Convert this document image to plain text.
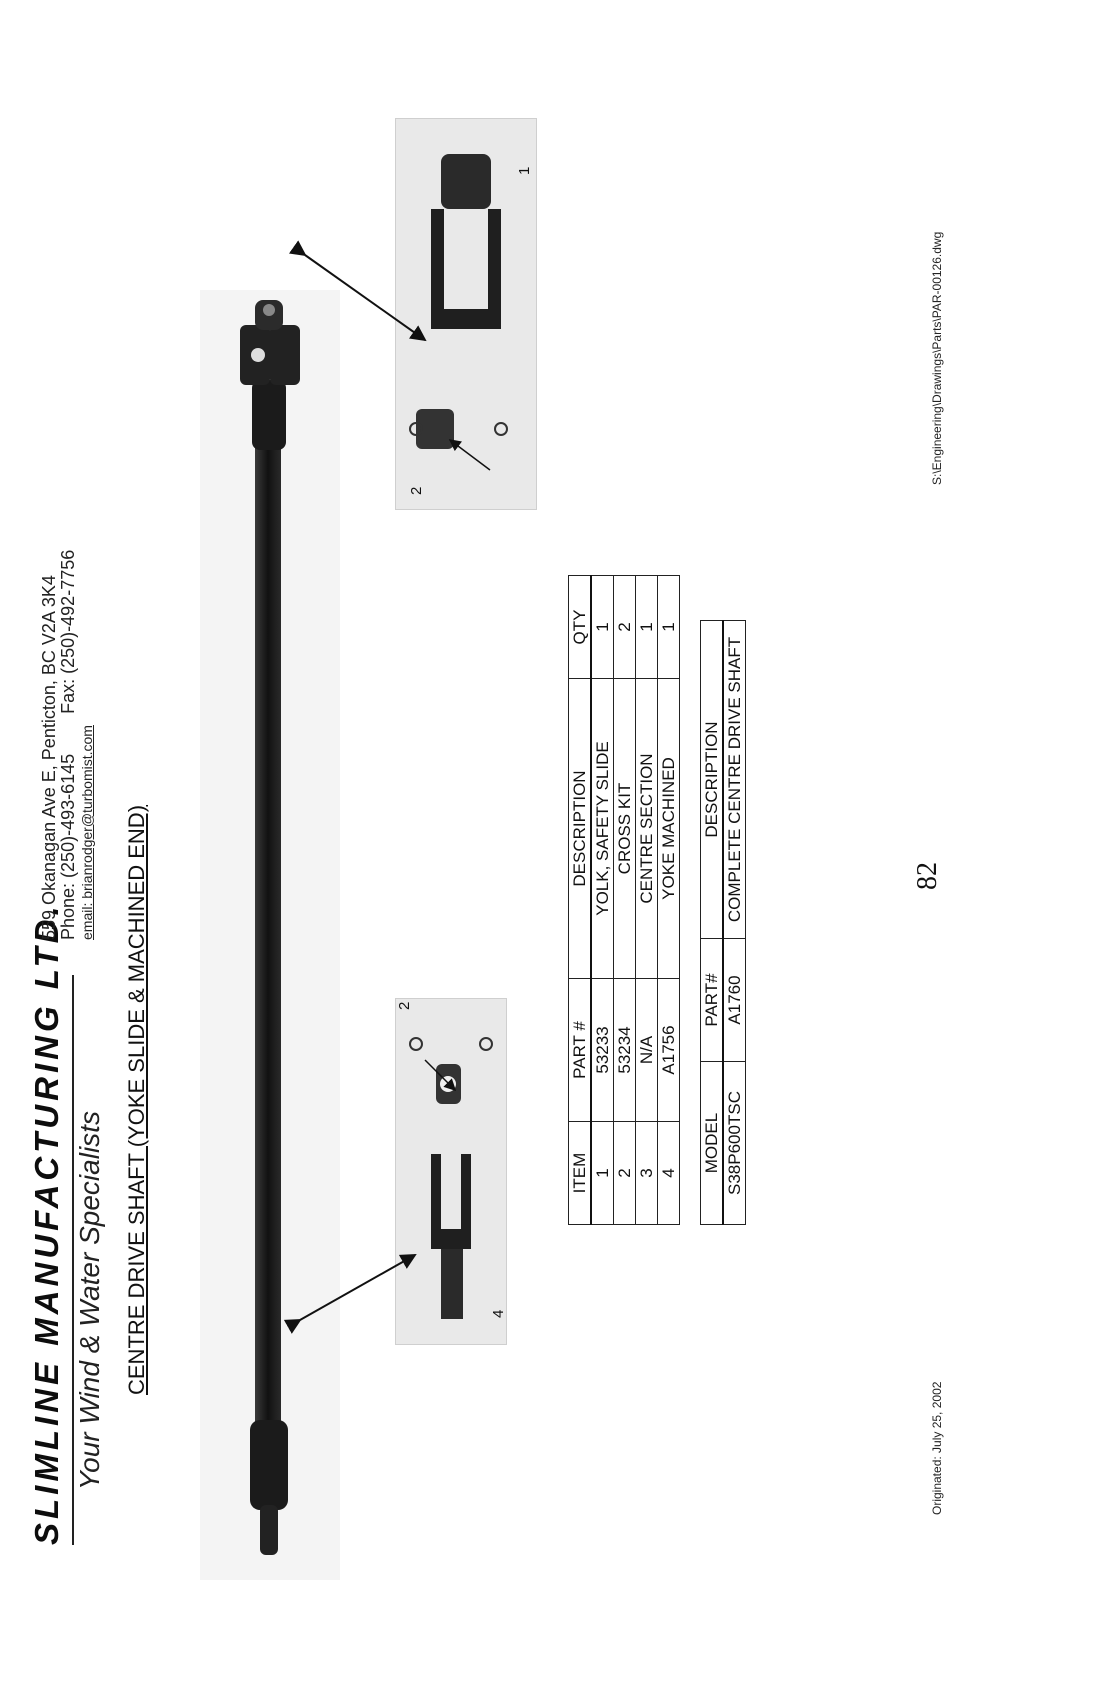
SLIMLINE MANUFACTURING LTD. Your Wind & Water Specialists
559 Okanagan Ave E, Penticton, BC V2A 3K4 Phone: (250)-493-6145Fax: (250)-492-7756
email: brianrodger@turbomist.com CENTRE DRIVE SHAFT (YOKE SLIDE & MACHINED END)	4
2
2
1
ITEM	PART #	DESCRIPTION	QTY
1	53233	YOLK, SAFETY SLIDE	1
2	53234	CROSS KIT	2
3	N/A	CENTRE SECTION	1
4	A1756	YOKE MACHINED	1
MODEL	PART#	DESCRIPTION
S38P600TSC	A1760	COMPLETE CENTRE DRIVE SHAFT
Originated: July 25, 2002
82
S:\Engineering\Drawings\Parts\PAR-00126.dwg
